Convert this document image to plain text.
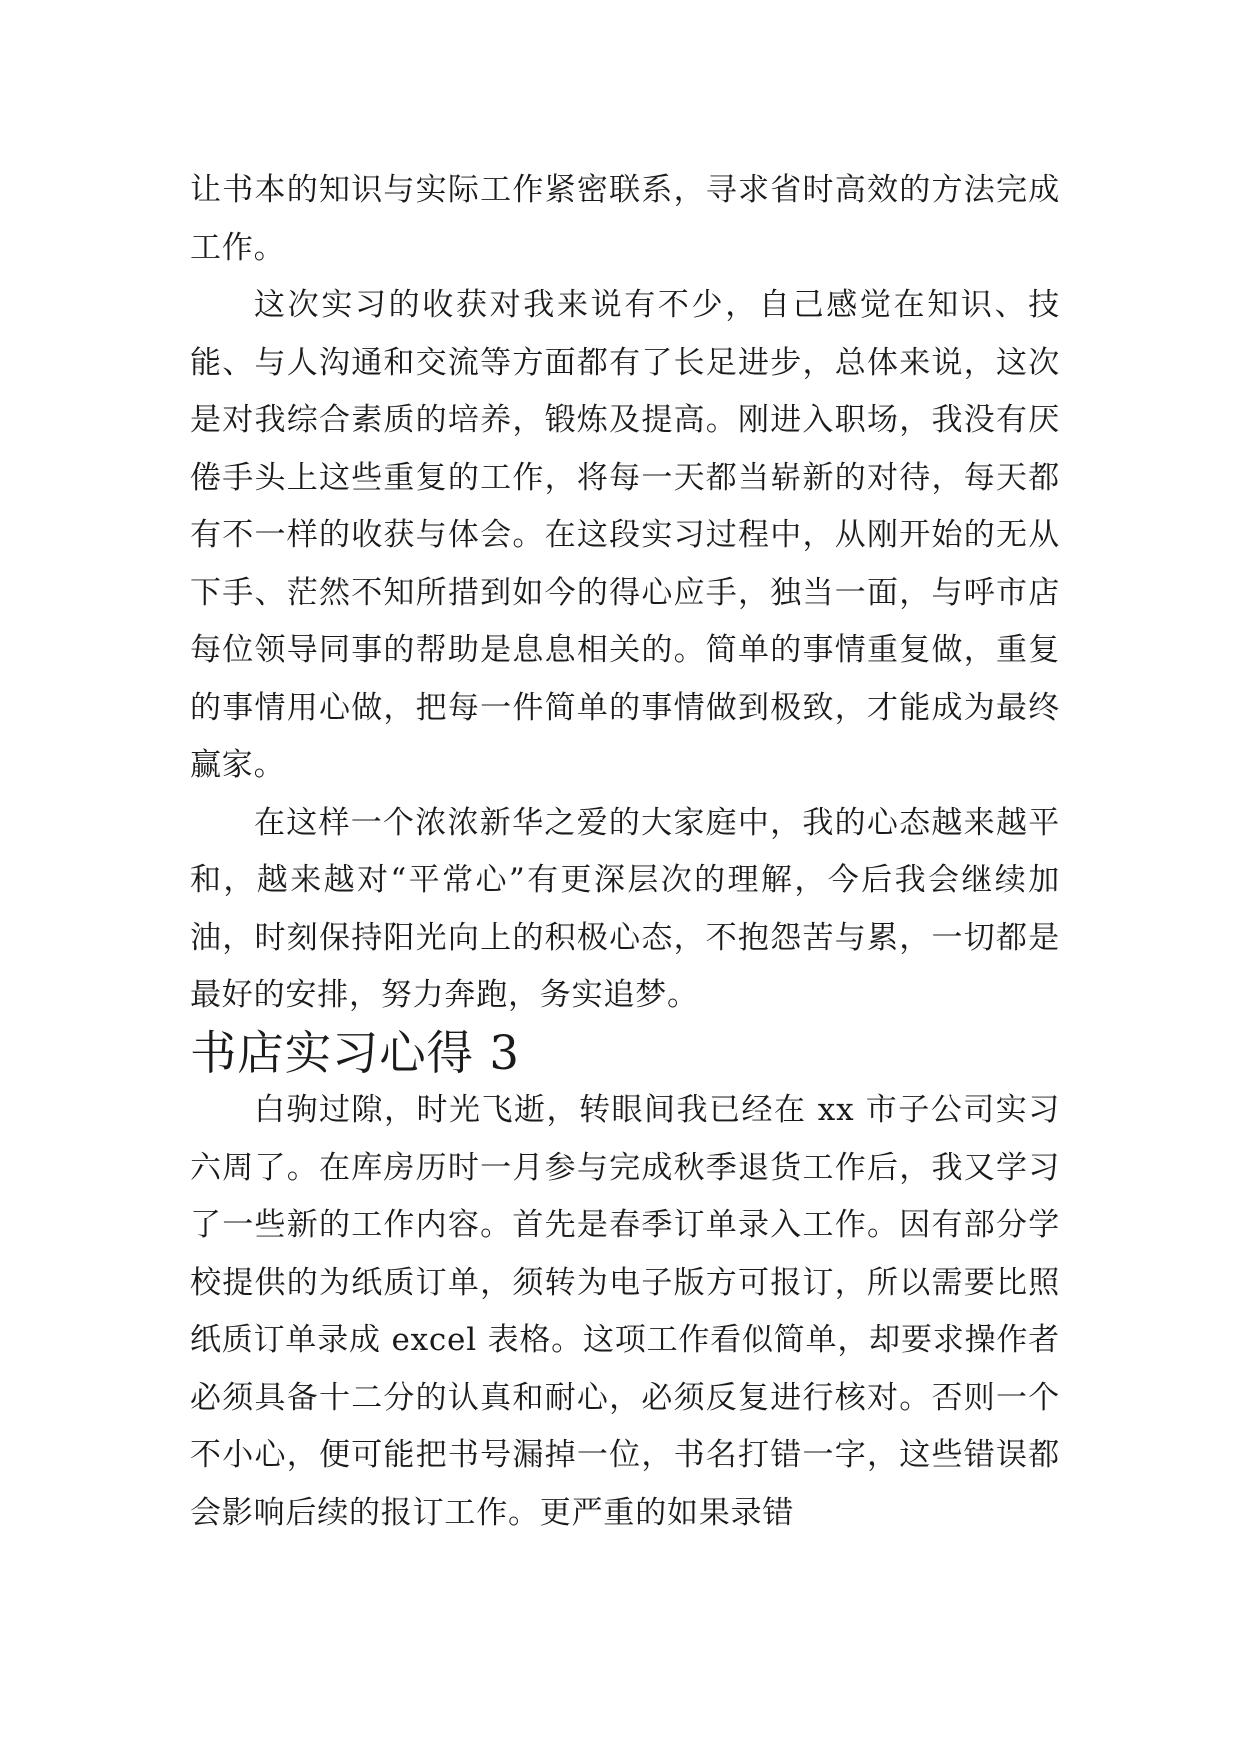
让书本的知识与实际工作紧密联系，寻求省时高效的方法完成工作。

这次实习的收获对我来说有不少，自己感觉在知识、技能、与人沟通和交流等方面都有了长足进步，总体来说，这次是对我综合素质的培养，锻炼及提高。刚进入职场，我没有厌倦手头上这些重复的工作，将每一天都当崭新的对待，每天都有不一样的收获与体会。在这段实习过程中，从刚开始的无从下手、茫然不知所措到如今的得心应手，独当一面，与呼市店每位领导同事的帮助是息息相关的。简单的事情重复做，重复的事情用心做，把每一件简单的事情做到极致，才能成为最终赢家。

在这样一个浓浓新华之爱的大家庭中，我的心态越来越平和，越来越对“平常心”有更深层次的理解，今后我会继续加油，时刻保持阳光向上的积极心态，不抱怨苦与累，一切都是最好的安排，努力奔跑，务实追梦。

书店实习心得 3

白驹过隙，时光飞逝，转眼间我已经在 xx 市子公司实习六周了。在库房历时一月参与完成秋季退货工作后，我又学习了一些新的工作内容。首先是春季订单录入工作。因有部分学校提供的为纸质订单，须转为电子版方可报订，所以需要比照纸质订单录成 excel 表格。这项工作看似简单，却要求操作者必须具备十二分的认真和耐心，必须反复进行核对。否则一个不小心，便可能把书号漏掉一位，书名打错一字，这些错误都会影响后续的报订工作。更严重的如果录错
